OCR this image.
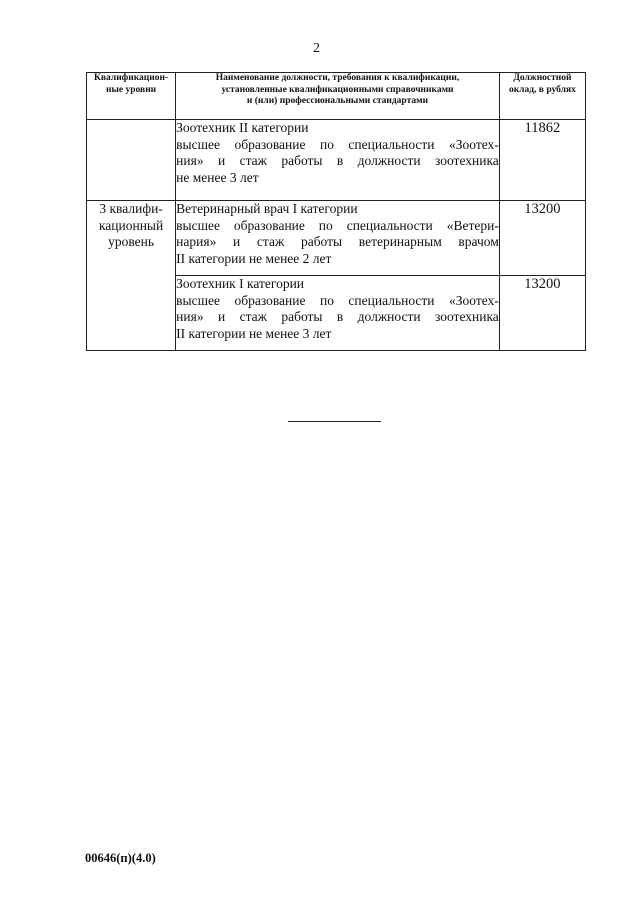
2
Квалификацион-
ные уровни	Наименование должности, требования к квалификации,
установленные квалификационными справочниками
и (или) профессиональными стандартами	Должностной
оклад, в рублях

	Зоотехник II категории
высшее образование по специальности «Зоотех-
ния» и стаж работы в должности зоотехника
не менее 3 лет	11862

3 квалифи-
кационный
уровень	Ветеринарный врач I категории
высшее образование по специальности «Ветери-
нария» и стаж работы ветеринарным врачом
II категории не менее 2 лет	13200

	Зоотехник I категории
высшее образование по специальности «Зоотех-
ния» и стаж работы в должности зоотехника
II категории не менее 3 лет	13200
00646(п)(4.0)
